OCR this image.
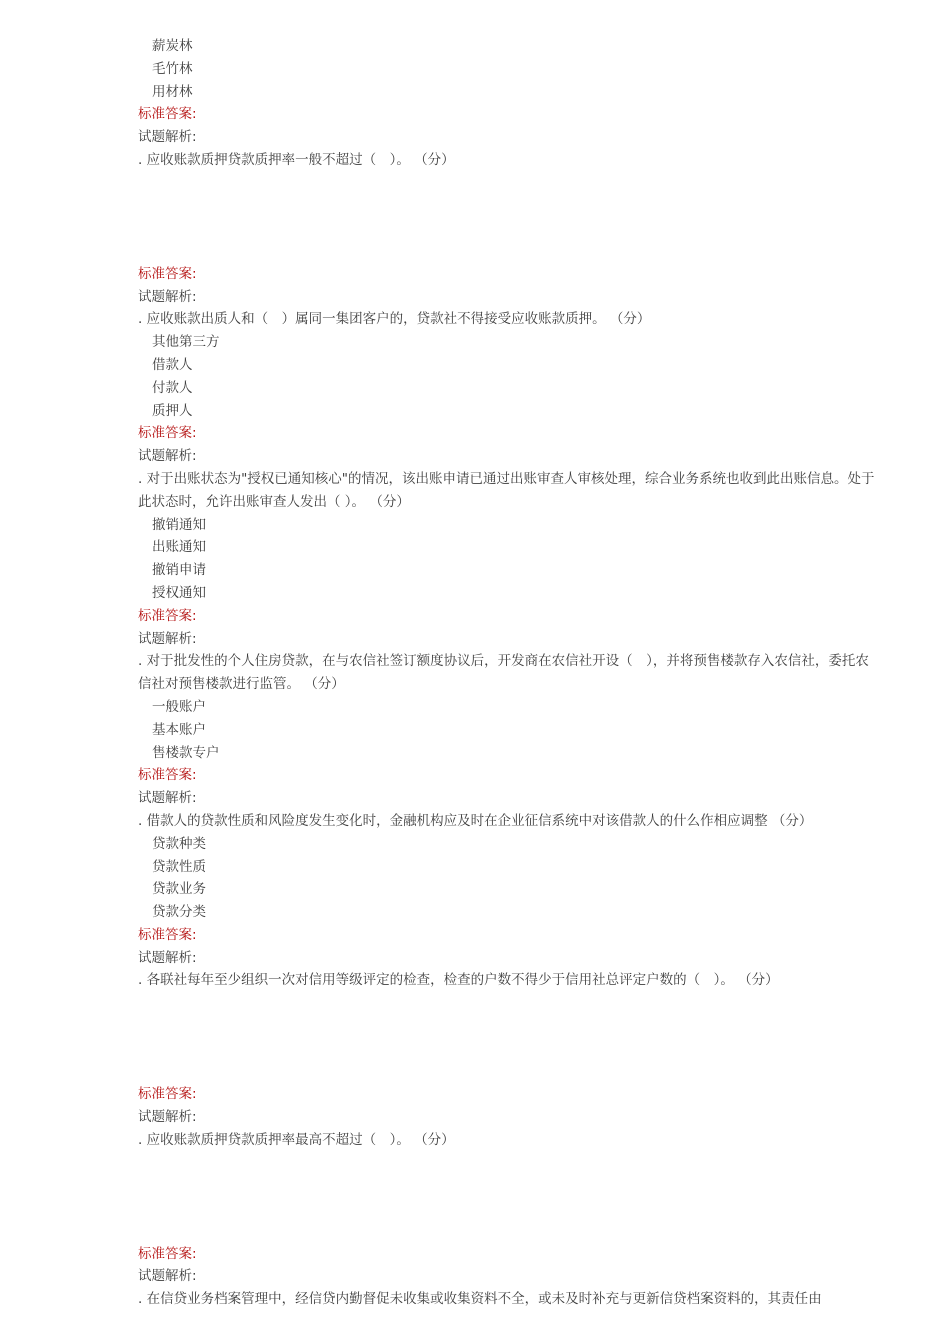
薪炭林
毛竹林
用材林
标准答案:
试题解析:
. 应收账款质押贷款质押率一般不超过（　）。 （分）
标准答案:
试题解析:
. 应收账款出质人和（　）属同一集团客户的，贷款社不得接受应收账款质押。 （分）
其他第三方
借款人
付款人
质押人
标准答案:
试题解析:
. 对于出账状态为"授权已通知核心"的情况，该出账申请已通过出账审查人审核处理，综合业务系统也收到此出账信息。处于此状态时，允许出账审查人发出（ ）。 （分）
撤销通知
出账通知
撤销申请
授权通知
标准答案:
试题解析:
. 对于批发性的个人住房贷款，在与农信社签订额度协议后，开发商在农信社开设（　），并将预售楼款存入农信社，委托农信社对预售楼款进行监管。 （分）
一般账户
基本账户
售楼款专户
标准答案:
试题解析:
. 借款人的贷款性质和风险度发生变化时，金融机构应及时在企业征信系统中对该借款人的什么作相应调整 （分）
贷款种类
贷款性质
贷款业务
贷款分类
标准答案:
试题解析:
. 各联社每年至少组织一次对信用等级评定的检查，检查的户数不得少于信用社总评定户数的（　）。 （分）
标准答案:
试题解析:
. 应收账款质押贷款质押率最高不超过（　）。 （分）
标准答案:
试题解析:
. 在信贷业务档案管理中，经信贷内勤督促未收集或收集资料不全，或未及时补充与更新信贷档案资料的，其责任由
